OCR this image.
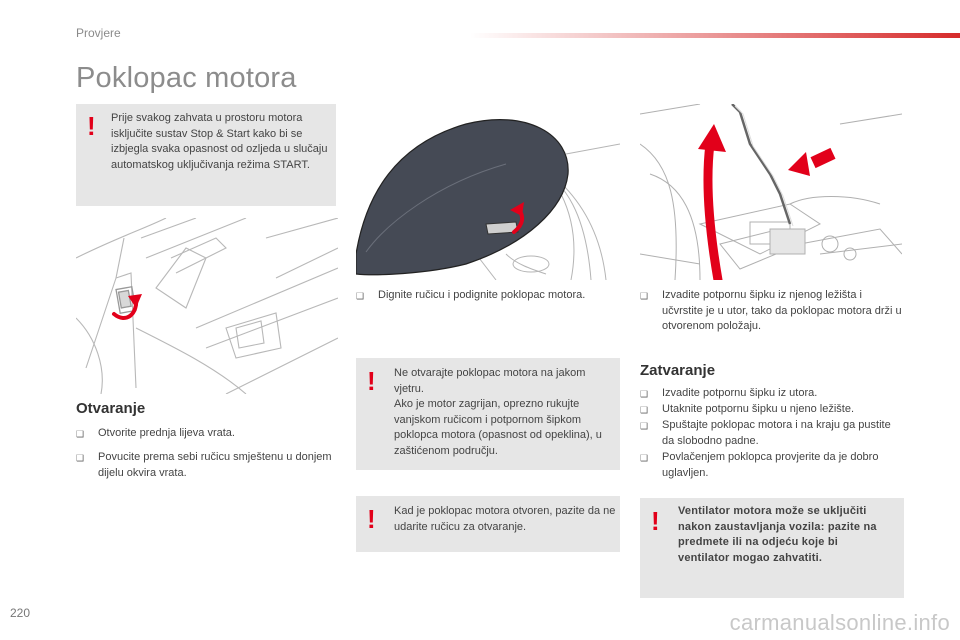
Provjere
Poklopac motora
! Prije svakog zahvata u prostoru motora isključite sustav Stop & Start kako bi se izbjegla svaka opasnost od ozljeda u slučaju automatskog uključivanja režima START.
Otvaranje
❑	Otvorite prednja lijeva vrata.
❑	Povucite prema sebi ručicu smještenu u donjem dijelu okvira vrata.
❑	Dignite ručicu i podignite poklopac motora.
! Ne otvarajte poklopac motora na jakom vjetru.
Ako je motor zagrijan, oprezno rukujte vanjskom ručicom i potpornom šipkom poklopca motora (opasnost od opeklina), u zaštićenom području.
! Kad je poklopac motora otvoren, pazite da ne udarite ručicu za otvaranje.
❑	Izvadite potpornu šipku iz njenog ležišta i učvrstite je u utor, tako da poklopac motora drži u otvorenom položaju.
Zatvaranje
❑	Izvadite potpornu šipku iz utora.
❑	Utaknite potpornu šipku u njeno ležište.
❑	Spuštajte poklopac motora i na kraju ga pustite da slobodno padne.
❑	Povlačenjem poklopca provjerite da je dobro uglavljen.
! Ventilator motora može se uključiti nakon zaustavljanja vozila: pazite na predmete ili na odjeću koje bi ventilator mogao zahvatiti.
220	carmanualsonline.info
